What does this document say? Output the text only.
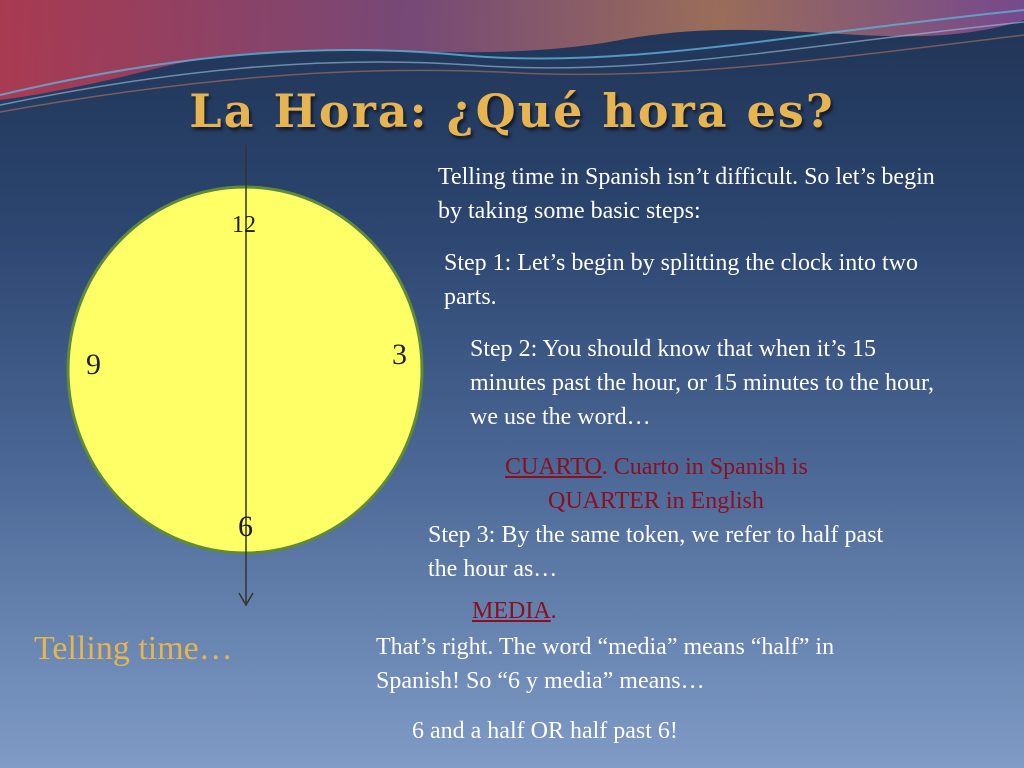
La Hora: ¿Qué hora es?
12
3
6
9

Telling time in Spanish isn’t difficult. So let’s begin by taking some basic steps:

Step 1: Let’s begin by splitting the clock into two parts.

Step 2: You should know that when it’s 15 minutes past the hour, or 15 minutes to the hour, we use the word…

CUARTO. Cuarto in Spanish is

QUARTER in English

Step 3: By the same token, we refer to half past the hour as…

MEDIA.

That’s right. The word “media” means “half” in Spanish! So “6 y media” means…

6 and a half OR half past 6!

Telling time…
